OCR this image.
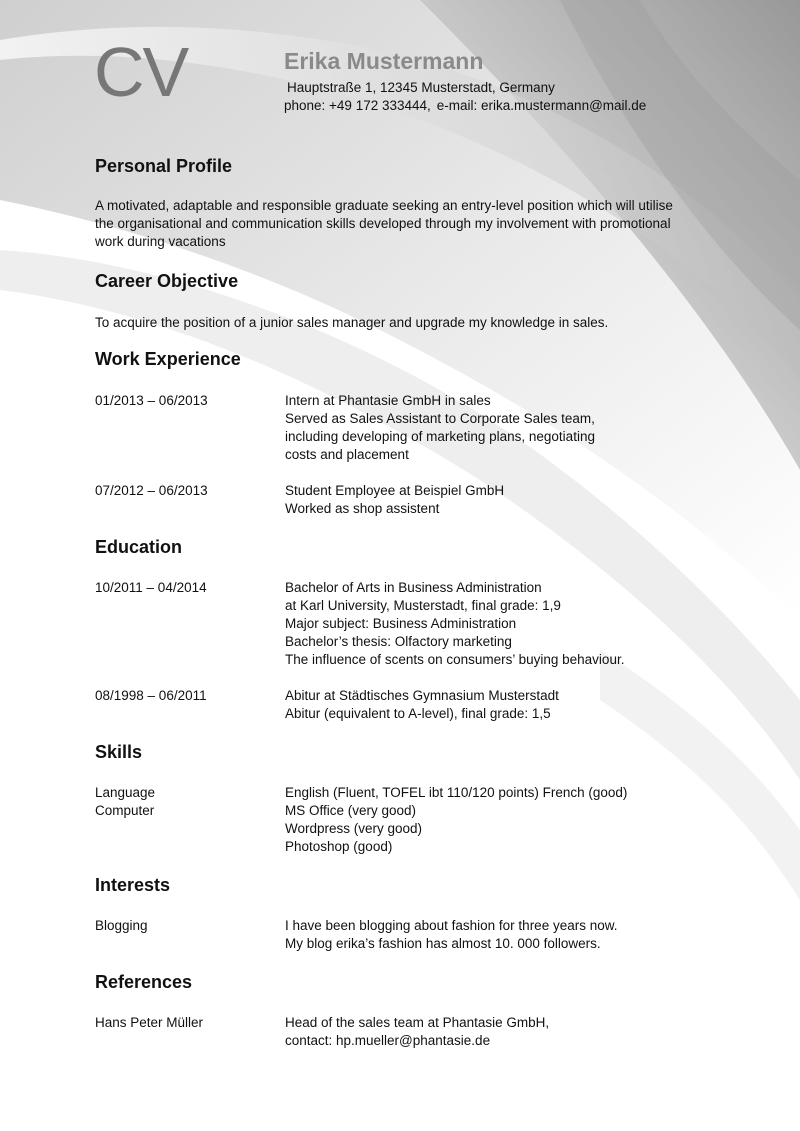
CV	Erika Mustermann
Hauptstraße 1, 12345 Musterstadt, Germany
phone: +49 172 333444, e-mail: erika.mustermann@mail.de
Personal Profile
A motivated, adaptable and responsible graduate seeking an entry-level position which will utilise the organisational and communication skills developed through my involvement with promotional work during vacations
Career Objective
To acquire the position of a junior sales manager and upgrade my knowledge in sales.
Work Experience
01/2013 – 06/2013	Intern at Phantasie GmbH in sales
Served as Sales Assistant to Corporate Sales team,
including developing of marketing plans, negotiating
costs and placement
07/2012 – 06/2013	Student Employee at Beispiel GmbH
Worked as shop assistent
Education
10/2011 – 04/2014	Bachelor of Arts in Business Administration
at Karl University, Musterstadt, final grade: 1,9
Major subject: Business Administration
Bachelor’s thesis: Olfactory marketing
The influence of scents on consumers’ buying behaviour.
08/1998 – 06/2011	Abitur at Städtisches Gymnasium Musterstadt
Abitur (equivalent to A-level), final grade: 1,5
Skills
Language	English (Fluent, TOFEL ibt 110/120 points) French (good)
Computer	MS Office (very good)
Wordpress (very good)
Photoshop (good)
Interests
Blogging	I have been blogging about fashion for three years now.
My blog erika’s fashion has almost 10. 000 followers.
References
Hans Peter Müller	Head of the sales team at Phantasie GmbH,
contact: hp.mueller@phantasie.de
